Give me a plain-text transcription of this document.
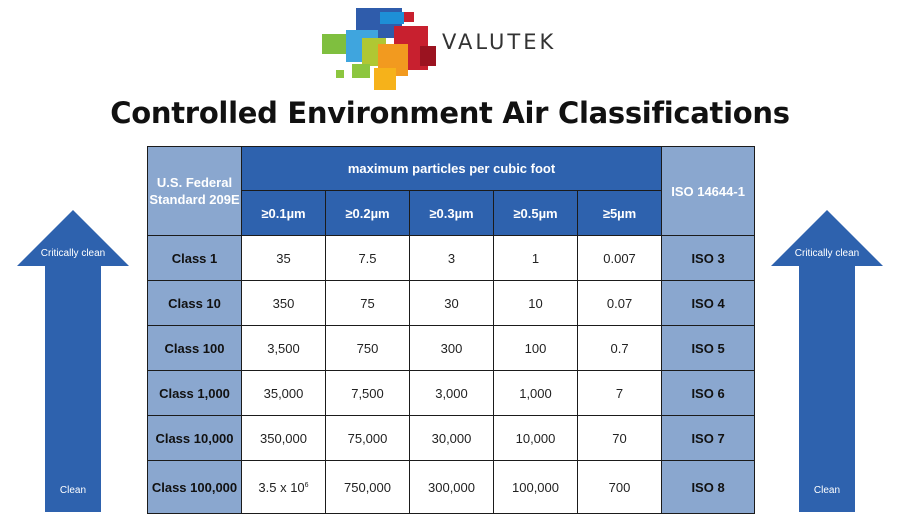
VALUTEK
Controlled Environment Air Classifications
Critically clean
Clean
Critically clean
Clean
U.S. Federal Standard 209E	maximum particles per cubic foot					ISO 14644-1
	≥0.1µm	≥0.2µm	≥0.3µm	≥0.5µm	≥5µm	
Class 1	35	7.5	3	1	0.007	ISO 3
Class 10	350	75	30	10	0.07	ISO 4
Class 100	3,500	750	300	100	0.7	ISO 5
Class 1,000	35,000	7,500	3,000	1,000	7	ISO 6
Class 10,000	350,000	75,000	30,000	10,000	70	ISO 7
Class 100,000	3.5 x $10^6$	750,000	300,000	100,000	700	ISO 8
